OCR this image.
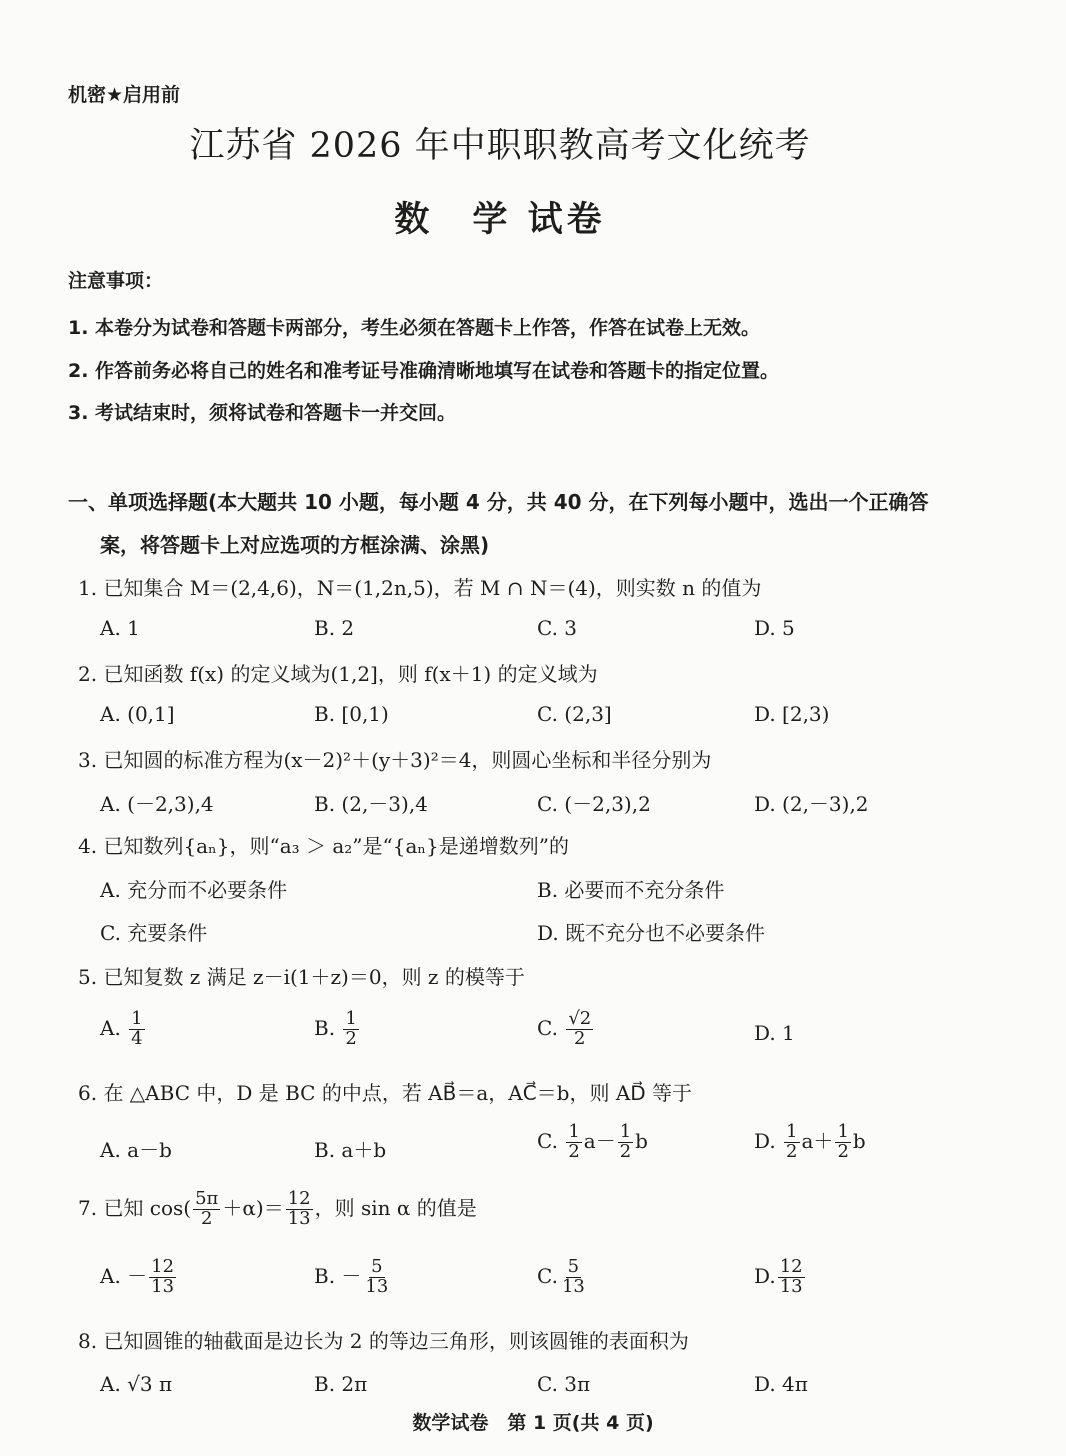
机密★启用前
江苏省 2026 年中职职教高考文化统考
数　学 试卷
注意事项：
1. 本卷分为试卷和答题卡两部分，考生必须在答题卡上作答，作答在试卷上无效。
2. 作答前务必将自己的姓名和准考证号准确清晰地填写在试卷和答题卡的指定位置。
3. 考试结束时，须将试卷和答题卡一并交回。
一、单项选择题(本大题共 10 小题，每小题 4 分，共 40 分，在下列每小题中，选出一个正确答
案，将答题卡上对应选项的方框涂满、涂黑)
1. 已知集合 M＝(2,4,6)，N＝(1,2n,5)，若 M ∩ N＝(4)，则实数 n 的值为
A. 1	B. 2	C. 3	D. 5
2. 已知函数 f(x) 的定义域为(1,2]，则 f(x＋1) 的定义域为
A. (0,1]	B. [0,1)	C. (2,3]	D. [2,3)
3. 已知圆的标准方程为(x－2)²＋(y＋3)²＝4，则圆心坐标和半径分别为
A. (－2,3),4	B. (2,－3),4	C. (－2,3),2	D. (2,－3),2
4. 已知数列{aₙ}，则“a₃ ＞ a₂”是“{aₙ}是递增数列”的
A. 充分而不必要条件	B. 必要而不充分条件
C. 充要条件	D. 既不充分也不必要条件
5. 已知复数 z 满足 z－i(1＋z)＝0，则 z 的模等于
A. $\frac{1}{4}$	B. $\frac{1}{2}$	C. $\frac{√2}{2}$	D. 1
6. 在 △ABC 中，D 是 BC 的中点，若 AB⃗＝a，AC⃗＝b，则 AD⃗ 等于
A. a－b	B. a＋b	C. $\frac{1}{2} a- \frac{1}{2}$ b	D. $\frac{1}{2} a+ \frac{1}{2}$ b
7. 已知 $\cos( \frac{5\pi}{2} +\alpha)= \frac{12}{13}$ ，则 sin α 的值是
A. － $\frac{12}{13}$	B. － $\frac{5}{13}$	C. $\frac{5}{13}$	D. $\frac{12}{13}$
8. 已知圆锥的轴截面是边长为 2 的等边三角形，则该圆锥的表面积为
A. √3 π	B. 2π	C. 3π	D. 4π
数学试卷　第 1 页(共 4 页)
